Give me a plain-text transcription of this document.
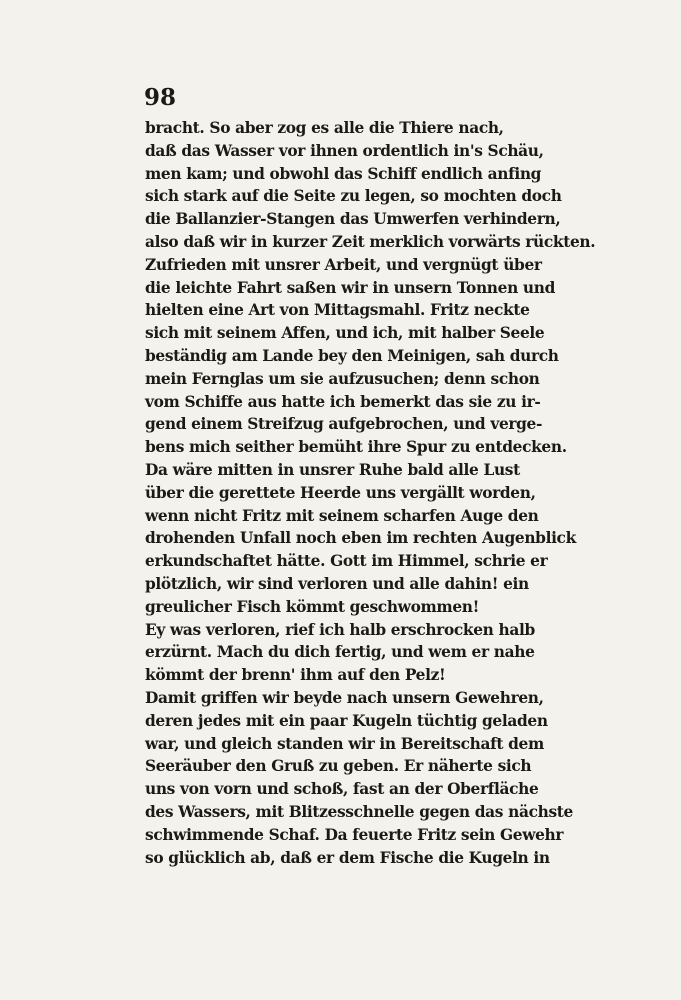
98
bracht. So aber zog es alle die Thiere nach,
daß das Wasser vor ihnen ordentlich in's Schäu,
men kam; und obwohl das Schiff endlich anfing
sich stark auf die Seite zu legen, so mochten doch
die Ballanzier-Stangen das Umwerfen verhindern,
also daß wir in kurzer Zeit merklich vorwärts rückten.
Zufrieden mit unsrer Arbeit, und vergnügt über
die leichte Fahrt saßen wir in unsern Tonnen und
hielten eine Art von Mittagsmahl. Fritz neckte
sich mit seinem Affen, und ich, mit halber Seele
beständig am Lande bey den Meinigen, sah durch
mein Fernglas um sie aufzusuchen; denn schon
vom Schiffe aus hatte ich bemerkt das sie zu ir-
gend einem Streifzug aufgebrochen, und verge-
bens mich seither bemüht ihre Spur zu entdecken.
Da wäre mitten in unsrer Ruhe bald alle Lust
über die gerettete Heerde uns vergällt worden,
wenn nicht Fritz mit seinem scharfen Auge den
drohenden Unfall noch eben im rechten Augenblick
erkundschaftet hätte. Gott im Himmel, schrie er
plötzlich, wir sind verloren und alle dahin! ein
greulicher Fisch kömmt geschwommen!
Ey was verloren, rief ich halb erschrocken halb
erzürnt. Mach du dich fertig, und wem er nahe
kömmt der brenn' ihm auf den Pelz!
Damit griffen wir beyde nach unsern Gewehren,
deren jedes mit ein paar Kugeln tüchtig geladen
war, und gleich standen wir in Bereitschaft dem
Seeräuber den Gruß zu geben. Er näherte sich
uns von vorn und schoß, fast an der Oberfläche
des Wassers, mit Blitzesschnelle gegen das nächste
schwimmende Schaf. Da feuerte Fritz sein Gewehr
so glücklich ab, daß er dem Fische die Kugeln in
